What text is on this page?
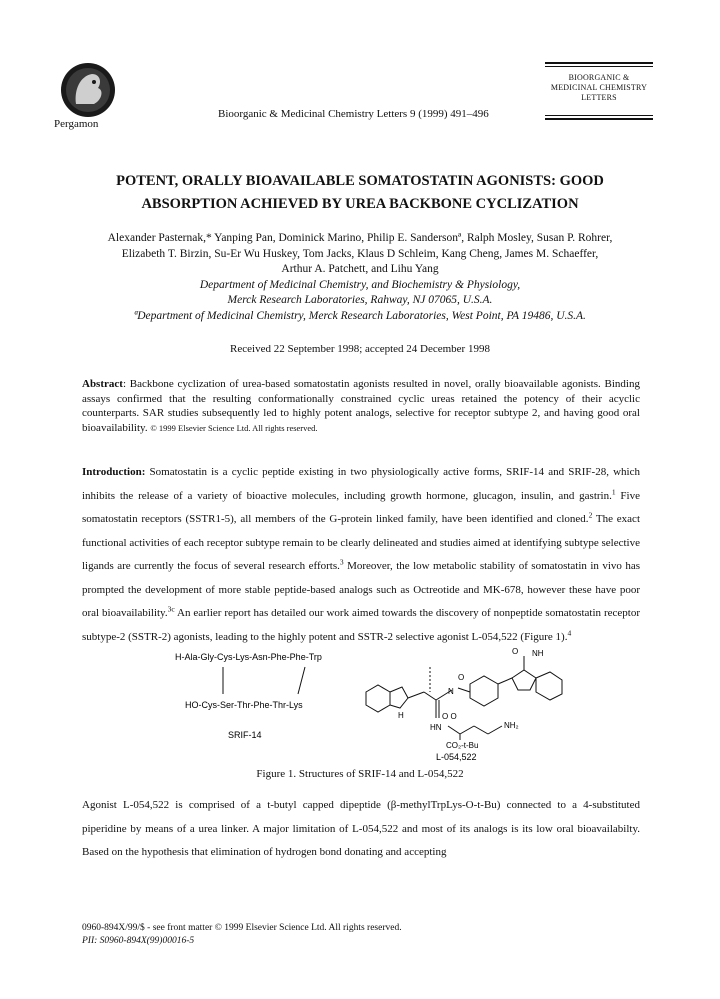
Pergamon
Bioorganic & Medicinal Chemistry Letters 9 (1999) 491–496
BIOORGANIC &
MEDICINAL CHEMISTRY
LETTERS
POTENT, ORALLY BIOAVAILABLE SOMATOSTATIN AGONISTS: GOOD
ABSORPTION ACHIEVED BY UREA BACKBONE CYCLIZATION
Alexander Pasternak,* Yanping Pan, Dominick Marino, Philip E. Sandersonª, Ralph Mosley, Susan P. Rohrer,
Elizabeth T. Birzin, Su-Er Wu Huskey, Tom Jacks, Klaus D Schleim, Kang Cheng, James M. Schaeffer,
Arthur A. Patchett, and Lihu Yang
Department of Medicinal Chemistry, and Biochemistry & Physiology,
Merck Research Laboratories, Rahway, NJ 07065, U.S.A.
ªDepartment of Medicinal Chemistry, Merck Research Laboratories, West Point, PA 19486, U.S.A.
Received 22 September 1998; accepted 24 December 1998
Abstract: Backbone cyclization of urea-based somatostatin agonists resulted in novel, orally bioavailable agonists. Binding assays confirmed that the resulting conformationally constrained cyclic ureas retained the potency of their acyclic counterparts. SAR studies subsequently led to highly potent analogs, selective for receptor subtype 2, and having good oral bioavailability. © 1999 Elsevier Science Ltd. All rights reserved.
Introduction: Somatostatin is a cyclic peptide existing in two physiologically active forms, SRIF-14 and SRIF-28, which inhibits the release of a variety of bioactive molecules, including growth hormone, glucagon, insulin, and gastrin.$^1$ Five somatostatin receptors (SSTR1-5), all members of the G-protein linked family, have been identified and cloned.$^2$ The exact functional activities of each receptor subtype remain to be clearly delineated and studies aimed at identifying subtype selective ligands are currently the focus of several research efforts.$^3$ Moreover, the low metabolic stability of somatostatin in vivo has prompted the development of more stable peptide-based analogs such as Octreotide and MK-678, however these have poor oral bioavailability.$^{3c}$ An earlier report has detailed our work aimed towards the discovery of nonpeptide somatostatin receptor subtype-2 (SSTR-2) agonists, leading to the highly potent and SSTR-2 selective agonist L-054,522 (Figure 1).$^4$
H-Ala-Gly-Cys-Lys-Asn-Phe-Phe-Trp
HO-Cys-Ser-Thr-Phe-Thr-Lys
SRIF-14
NH
O
N
O
H	O O
HN	NH₂
CO₂-t-Bu
L-054,522
Figure 1. Structures of SRIF-14 and L-054,522
Agonist L-054,522 is comprised of a t-butyl capped dipeptide (β-methylTrpLys-O-t-Bu) connected to a 4-substituted piperidine by means of a urea linker. A major limitation of L-054,522 and most of its analogs is its low oral bioavailabilty. Based on the hypothesis that elimination of hydrogen bond donating and accepting
0960-894X/99/$ - see front matter © 1999 Elsevier Science Ltd. All rights reserved.
PII: S0960-894X(99)00016-5
